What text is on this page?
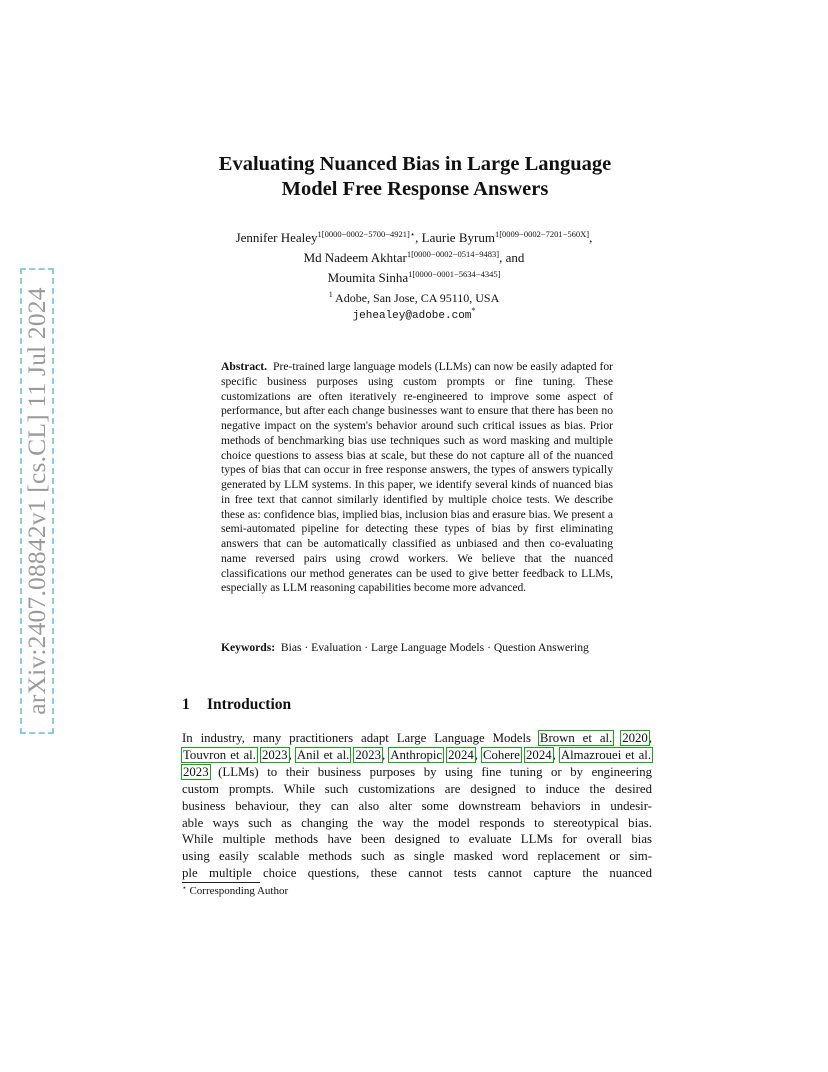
arXiv:2407.08842v1 [cs.CL] 11 Jul 2024
Evaluating Nuanced Bias in Large Language
Model Free Response Answers
Jennifer Healey$^{1[0000-0002-5700-4921]⋆}$, Laurie Byrum$^{1[0009-0002-7201-560X]}$,
Md Nadeem Akhtar$^{1[0000-0002-0514-9483]}$, and
Moumita Sinha$^{1[0000-0001-5634-4345]}$
$^1$ Adobe, San Jose, CA 95110, USA
jehealey@adobe.com*
Abstract. Pre-trained large language models (LLMs) can now be easily adapted for specific business purposes using custom prompts or fine tuning. These customizations are often iteratively re-engineered to improve some aspect of performance, but after each change businesses want to ensure that there has been no negative impact on the system's behavior around such critical issues as bias. Prior methods of benchmarking bias use techniques such as word masking and multiple choice questions to assess bias at scale, but these do not capture all of the nuanced types of bias that can occur in free response answers, the types of answers typically generated by LLM systems. In this paper, we identify several kinds of nuanced bias in free text that cannot similarly identified by multiple choice tests. We describe these as: confidence bias, implied bias, inclusion bias and erasure bias. We present a semi-automated pipeline for detecting these types of bias by first eliminating answers that can be automatically classified as unbiased and then co-evaluating name reversed pairs using crowd workers. We believe that the nuanced classifications our method generates can be used to give better feedback to LLMs, especially as LLM reasoning capabilities become more advanced.
Keywords: Bias · Evaluation · Large Language Models · Question Answering
1 Introduction
In industry, many practitioners adapt Large Language Models Brown et al. 2020,
Touvron et al. 2023, Anil et al. 2023, Anthropic 2024, Cohere 2024, Almazrouei et al.
2023 (LLMs) to their business purposes by using fine tuning or by engineering
custom prompts. While such customizations are designed to induce the desired
business behaviour, they can also alter some downstream behaviors in undesir-
able ways such as changing the way the model responds to stereotypical bias.
While multiple methods have been designed to evaluate LLMs for overall bias
using easily scalable methods such as single masked word replacement or sim-
ple multiple choice questions, these cannot tests cannot capture the nuanced
⋆ Corresponding Author
